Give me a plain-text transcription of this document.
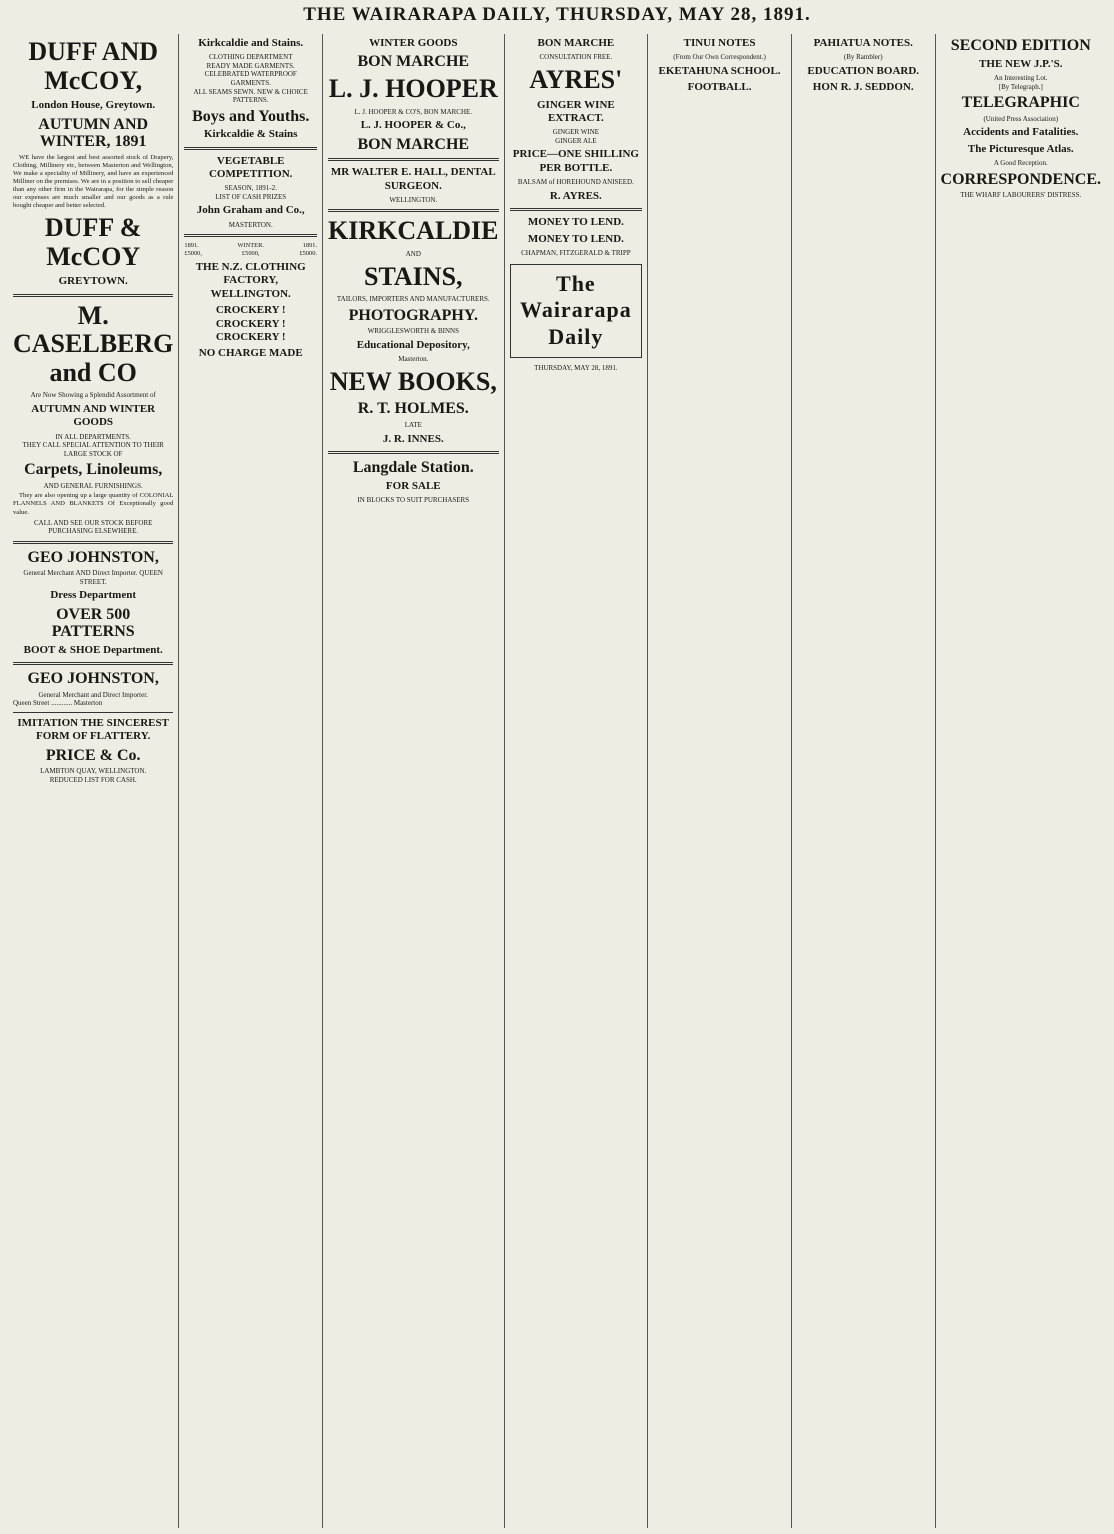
THE WAIRARAPA DAILY, THURSDAY, MAY 28, 1891.
DUFF AND McCOY,
London House, Greytown.
AUTUMN AND WINTER, 1891

WE have the largest and best assorted stock of Drapery, Clothing, Millinery etc, between Masterton and Wellington, We make a speciality of Millinery, and have an experienced Milliner on the premises. We are in a position to sell cheaper than any other firm in the Wairarapa, for the simple reason our expenses are much smaller and our goods as a rule bought cheaper and better selected.

DUFF & McCOY
GREYTOWN.
M. CASELBERG and CO
Are Now Showing a Splendid Assortment of
AUTUMN AND WINTER GOODS
IN ALL DEPARTMENTS.
THEY CALL SPECIAL ATTENTION TO THEIR LARGE STOCK OF
Carpets, Linoleums,
AND GENERAL FURNISHINGS.

They are also opening up a large quantity of COLONIAL FLANNELS AND BLANKETS Of Exceptionally good value.

CALL AND SEE OUR STOCK BEFORE PURCHASING ELSEWHERE.
GEO JOHNSTON,
General Merchant AND Direct Importer. QUEEN STREET.
Dress Department
OVER 500 PATTERNS
BOOT & SHOE Department.
GEO JOHNSTON,
General Merchant and Direct Importer.
Queen Street ............ Masterton
IMITATION THE SINCEREST FORM OF FLATTERY.
PRICE & Co.
LAMBTON QUAY, WELLINGTON.
REDUCED LIST FOR CASH.
Kirkcaldie and Stains.
CLOTHING DEPARTMENT
READY MADE GARMENTS.
CELEBRATED WATERPROOF GARMENTS.
ALL SEAMS SEWN. NEW & CHOICE PATTERNS.
Boys and Youths.
Kirkcaldie & Stains
VEGETABLE COMPETITION.
SEASON, 1891-2.
LIST OF CASH PRIZES
John Graham and Co.,
MASTERTON.
1891.	WINTER.	1891.
£5000,	£5000,	£5000.
THE N.Z. CLOTHING FACTORY, WELLINGTON.
CROCKERY ! CROCKERY ! CROCKERY !
NO CHARGE MADE
WINTER GOODS
BON MARCHE
L. J. HOOPER
L. J. HOOPER & CO'S, BON MARCHE.
L. J. HOOPER & Co.,
BON MARCHE
MR WALTER E. HALL, DENTAL SURGEON.
WELLINGTON.
KIRKCALDIE
AND
STAINS,
TAILORS, IMPORTERS AND MANUFACTURERS.
PHOTOGRAPHY.
WRIGGLESWORTH & BINNS
Educational Depository,
Masterton.
NEW BOOKS,
R. T. HOLMES.
LATE
J. R. INNES.
Langdale Station.
FOR SALE
IN BLOCKS TO SUIT PURCHASERS
BON MARCHE
CONSULTATION FREE.
AYRES'
GINGER WINE EXTRACT.
GINGER WINE
GINGER ALE
PRICE—ONE SHILLING PER BOTTLE.
BALSAM of HOREHOUND ANISEED.
R. AYRES.
MONEY TO LEND.
MONEY TO LEND.
CHAPMAN, FITZGERALD & TRIPP
The Wairarapa Daily
THURSDAY, MAY 28, 1891.
TINUI NOTES
(From Our Own Correspondent.)
EKETAHUNA SCHOOL.
FOOTBALL.
PAHIATUA NOTES.
(By Rambler)
EDUCATION BOARD.
HON R. J. SEDDON.
SECOND EDITION
THE NEW J.P.'S.
An Interesting Lot.
[By Telegraph.]
TELEGRAPHIC
(United Press Association)
Accidents and Fatalities.
The Picturesque Atlas.
A Good Reception.
CORRESPONDENCE.
THE WHARF LABOURERS' DISTRESS.
